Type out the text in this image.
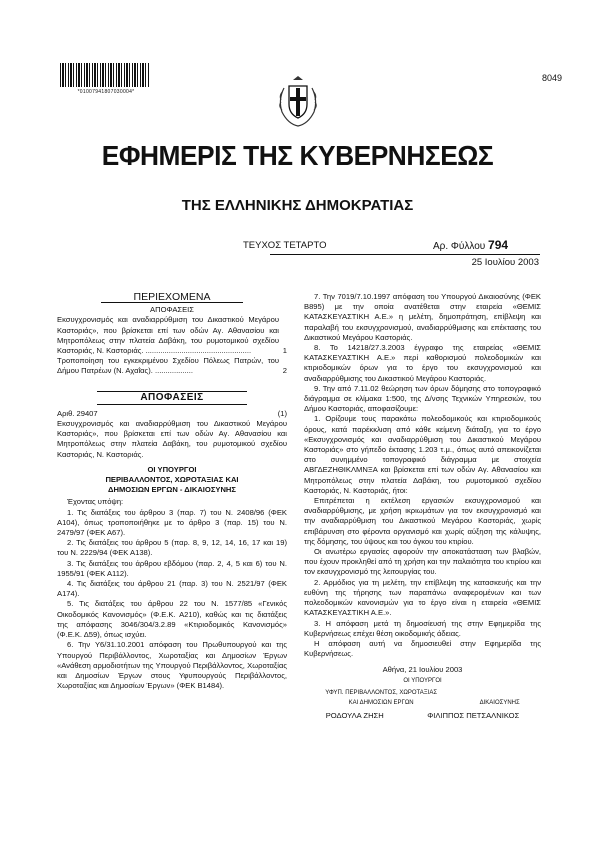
*01007941807030004*
8049
ΕΦΗΜΕΡΙΣ ΤΗΣ ΚΥΒΕΡΝΗΣΕΩΣ
ΤΗΣ ΕΛΛΗΝΙΚΗΣ ΔΗΜΟΚΡΑΤΙΑΣ
ΤΕΥΧΟΣ ΤΕΤΑΡΤΟ	Αρ. Φύλλου 794
25 Ιουλίου 2003

ΠΕΡΙΕΧΟΜΕΝΑ

ΑΠΟΦΑΣΕΙΣ

Εκσυγχρονισμός και αναδιαρρύθμιση του Δικαστικού Μεγάρου Καστοριάς», που βρίσκεται επί των οδών Αγ. Αθανασίου και Μητροπόλεως στην πλατεία Δαβάκη, του ρυμοτομικού σχεδίου Καστοριάς, Ν. Καστοριάς. ..................................................	1

Τροποποίηση του εγκεκριμένου Σχεδίου Πόλεως Πατρών, του Δήμου Πατρέων (Ν. Αχαΐας). ..................	2

ΑΠΟΦΑΣΕΙΣ

Αριθ. 29407	(1)

Εκσυγχρονισμός και αναδιαρρύθμιση του Δικαστικού Μεγάρου Καστοριάς», που βρίσκεται επί των οδών Αγ. Αθανασίου και Μητροπόλεως στην πλατεία Δαβάκη, του ρυμοτομικού σχεδίου Καστοριάς, Ν. Καστοριάς.

ΟΙ ΥΠΟΥΡΓΟΙ

ΠΕΡΙΒΑΛΛΟΝΤΟΣ, ΧΩΡΟΤΑΞΙΑΣ ΚΑΙ

ΔΗΜΟΣΙΩΝ ΕΡΓΩΝ - ΔΙΚΑΙΟΣΥΝΗΣ

Έχοντας υπόψη:

1. Τις διατάξεις του άρθρου 3 (παρ. 7) του Ν. 2408/96 (ΦΕΚ Α104), όπως τροποποιήθηκε με το άρθρο 3 (παρ. 15) του Ν. 2479/97 (ΦΕΚ Α67).

2. Τις διατάξεις του άρθρου 5 (παρ. 8, 9, 12, 14, 16, 17 και 19) του Ν. 2229/94 (ΦΕΚ Α138).

3. Τις διατάξεις του άρθρου εβδόμου (παρ. 2, 4, 5 και 6) του Ν. 1955/91 (ΦΕΚ Α112).

4. Τις διατάξεις του άρθρου 21 (παρ. 3) του Ν. 2521/97 (ΦΕΚ Α174).

5. Τις διατάξεις του άρθρου 22 του Ν. 1577/85 «Γενικός Οικοδομικός Κανονισμός» (Φ.Ε.Κ. Α210), καθώς και τις διατάξεις της απόφασης 3046/304/3.2.89 «Κτιριοδομικός Κανονισμός» (Φ.Ε.Κ. Δ59), όπως ισχύει.

6. Την Υ6/31.10.2001 απόφαση του Πρωθυπουργού και της Υπουργού Περιβάλλοντος, Χωροταξίας και Δημοσίων Έργων «Ανάθεση αρμοδιοτήτων της Υπουργού Περιβάλλοντος, Χωροταξίας και Δημοσίων Έργων στους Υφυπουργούς Περιβάλλοντος, Χωροταξίας και Δημοσίων Έργων» (ΦΕΚ Β1484).

7. Την 7019/7.10.1997 απόφαση του Υπουργού Δικαιοσύνης (ΦΕΚ Β895) με την οποία ανατέθεται στην εταιρεία «ΘΕΜΙΣ ΚΑΤΑΣΚΕΥΑΣΤΙΚΗ Α.Ε.» η μελέτη, δημοπράτηση, επίβλεψη και παραλαβή του εκσυγχρονισμού, αναδιαρρύθμισης και επέκτασης του Δικαστικού Μεγάρου Καστοριάς.

8. Το 14218/27.3.2003 έγγραφο της εταιρείας «ΘΕΜΙΣ ΚΑΤΑΣΚΕΥΑΣΤΙΚΗ Α.Ε.» περί καθορισμού πολεοδομικών και κτιριοδομικών όρων για το έργο του εκσυγχρονισμού και αναδιαρρύθμισης του Δικαστικού Μεγάρου Καστοριάς.

9. Την από 7.11.02 θεώρηση των όρων δόμησης στο τοπογραφικό διάγραμμα σε κλίμακα 1:500, της Δ/νσης Τεχνικών Υπηρεσιών, του Δήμου Καστοριάς, αποφασίζουμε:

1. Ορίζουμε τους παρακάτω πολεοδομικούς και κτιριοδομικούς όρους, κατά παρέκκλιση από κάθε κείμενη διάταξη, για το έργο «Εκσυγχρονισμός και αναδιαρρύθμιση του Δικαστικού Μεγάρου Καστοριάς» στο γήπεδο έκτασης 1.203 τ.μ., όπως αυτό απεικονίζεται στο συνημμένο τοπογραφικό διάγραμμα με στοιχεία ΑΒΓΔΕΖΗΘΙΚΛΜΝΞΑ και βρίσκεται επί των οδών Αγ. Αθανασίου και Μητροπόλεως στην πλατεία Δαβάκη, του ρυμοτομικού σχεδίου Καστοριάς, Ν. Καστοριάς, ήτοι:

Επιτρέπεται η εκτέλεση εργασιών εκσυγχρονισμού και αναδιαρρύθμισης, με χρήση ικριωμάτων για τον εκσυγχρονισμό και την αναδιαρρύθμιση του Δικαστικού Μεγάρου Καστοριάς, χωρίς επιβάρυνση στο φέροντα οργανισμό και χωρίς αύξηση της κάλυψης, της δόμησης, του ύψους και του όγκου του κτιρίου.

Οι ανωτέρω εργασίες αφορούν την αποκατάσταση των βλαβών, που έχουν προκληθεί από τη χρήση και την παλαιότητα του κτιρίου και τον εκσυγχρονισμό της λειτουργίας του.

2. Αρμόδιος για τη μελέτη, την επίβλεψη της κατασκευής και την ευθύνη της τήρησης των παραπάνω αναφερομένων και των πολεοδομικών κανονισμών για το έργο είναι η εταιρεία «ΘΕΜΙΣ ΚΑΤΑΣΚΕΥΑΣΤΙΚΗ Α.Ε.».

3. Η απόφαση μετά τη δημοσίευσή της στην Εφημερίδα της Κυβερνήσεως επέχει θέση οικοδομικής άδειας.

Η απόφαση αυτή να δημοσιευθεί στην Εφημερίδα της Κυβερνήσεως.

Αθήνα, 21 Ιουλίου 2003

ΟΙ ΥΠΟΥΡΓΟΙ

ΥΦΥΠ. ΠΕΡΙΒΑΛΛΟΝΤΟΣ, ΧΩΡΟΤΑΞΙΑΣ

ΚΑΙ ΔΗΜΟΣΙΩΝ ΕΡΓΩΝ	ΔΙΚΑΙΟΣΥΝΗΣ

ΡΟΔΟΥΛΑ ΖΗΣΗ	ΦΙΛΙΠΠΟΣ ΠΕΤΣΑΛΝΙΚΟΣ
